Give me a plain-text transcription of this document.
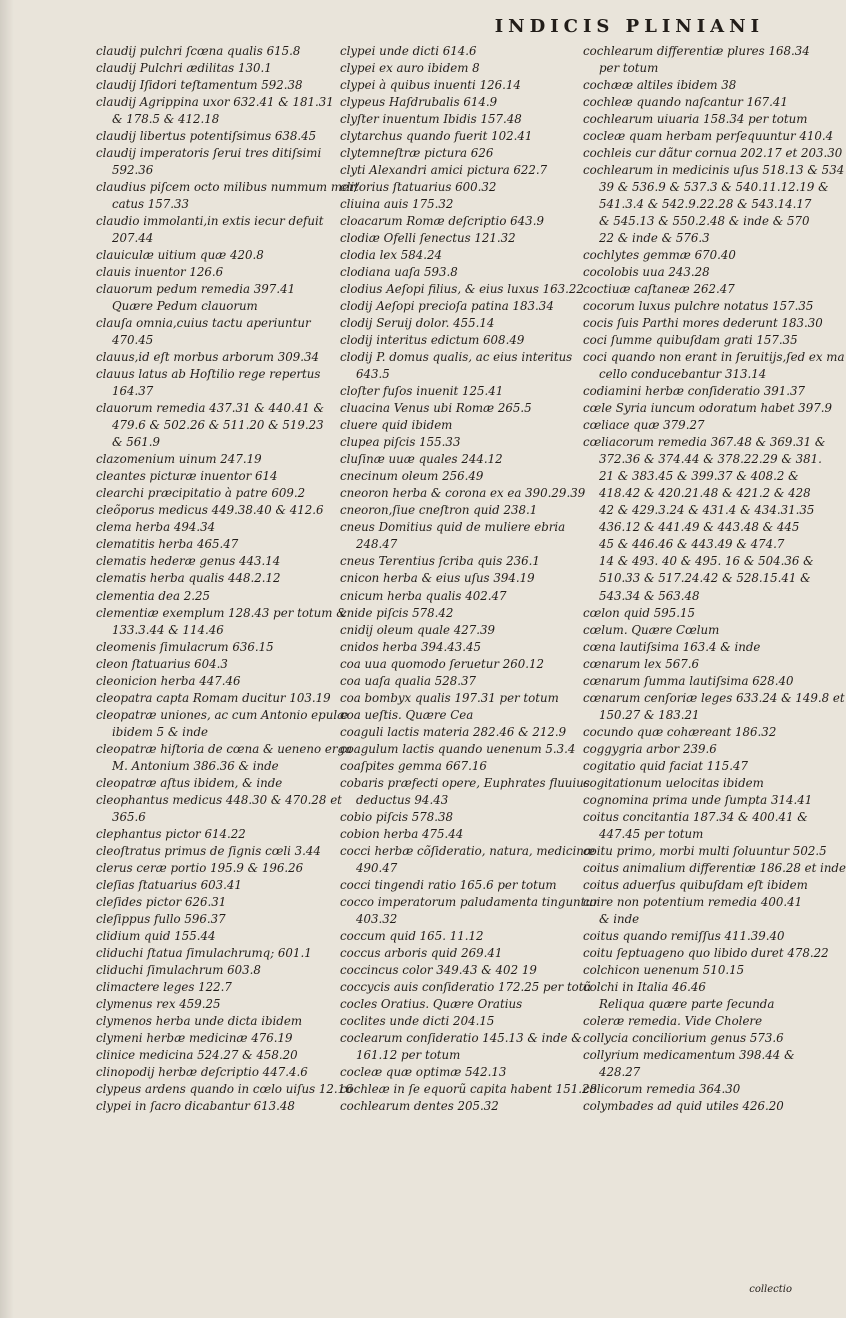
INDICIS PLINIANI
claudij pulchri ſcœna qualis 615.8
claudij Pulchri ædilitas 130.1
claudij Iſidori teſtamentum 592.38
claudij Agrippina uxor 632.41 & 181.31
& 178.5 & 412.18
claudij libertus potentiſsimus 638.45
claudij imperatoris ſerui tres ditiſsimi
592.36
claudius piſcem octo milibus nummum mer/
catus 157.33
claudio immolanti,in extis iecur defuit
207.44
clauiculæ uitium quæ 420.8
clauis inuentor 126.6
clauorum pedum remedia 397.41
Quære Pedum clauorum
clauſa omnia,cuius tactu aperiuntur
470.45
clauus,id eſt morbus arborum 309.34
clauus latus ab Hoſtilio rege repertus
164.37
clauorum remedia 437.31 & 440.41 &
479.6 & 502.26 & 511.20 & 519.23
& 561.9
clazomenium uinum 247.19
cleantes picturæ inuentor 614
clearchi præcipitatio à patre 609.2
cleõporus medicus 449.38.40 & 412.6
clema herba 494.34
clematitis herba 465.47
clematis hederæ genus 443.14
clematis herba qualis 448.2.12
clementia dea 2.25
clementiæ exemplum 128.43 per totum &
133.3.44 & 114.46
cleomenis ſimulacrum 636.15
cleon ſtatuarius 604.3
cleonicion herba 447.46
cleopatra capta Romam ducitur 103.19
cleopatræ uniones, ac cum Antonio epulæ
ibidem 5 & inde
cleopatræ hiſtoria de cœna & ueneno erga
M. Antonium 386.36 & inde
cleopatræ aſtus ibidem, & inde
cleophantus medicus 448.30 & 470.28 et
365.6
clephantus pictor 614.22
cleoſtratus primus de ſignis cœli 3.44
clerus ceræ portio 195.9 & 196.26
cleſias ſtatuarius 603.41
cleſides pictor 626.31
cleſippus fullo 596.37
clidium quid 155.44
cliduchi ſtatua ſimulachrumq; 601.1
cliduchi ſimulachrum 603.8
climactere leges 122.7
clymenus rex 459.25
clymenos herba unde dicta ibidem
clymeni herbæ medicinæ 476.19
clinice medicina 524.27 & 458.20
clinopodij herbæ deſcriptio 447.4.6
clypeus ardens quando in cœlo uiſus 12.16
clypei in ſacro dicabantur 613.48
clypei unde dicti 614.6
clypei ex auro ibidem 8
clypei à quibus inuenti 126.14
clypeus Haſdrubalis 614.9
clyſter inuentum Ibidis 157.48
clytarchus quando fuerit 102.41
clytemneſtræ pictura 626
clyti Alexandri amici pictura 622.7
clitorius ſtatuarius 600.32
cliuina auis 175.32
cloacarum Romæ deſcriptio 643.9
clodiæ Ofelli ſenectus 121.32
clodia lex 584.24
clodiana uaſa 593.8
clodius Aeſopi filius, & eius luxus 163.22
clodij Aeſopi precioſa patina 183.34
clodij Seruij dolor. 455.14
clodij interitus edictum 608.49
clodij P. domus qualis, ac eius interitus
643.5
cloſter fuſos inuenit 125.41
cluacina Venus ubi Romæ 265.5
cluere quid ibidem
clupea piſcis 155.33
cluſinæ uuæ quales 244.12
cnecinum oleum 256.49
cneoron herba & corona ex ea 390.29.39
cneoron,ſiue cneſtron quid 238.1
cneus Domitius quid de muliere ebria
248.47
cneus Terentius ſcriba quis 236.1
cnicon herba & eius uſus 394.19
cnicum herba qualis 402.47
cnide piſcis 578.42
cnidij oleum quale 427.39
cnidos herba 394.43.45
coa uua quomodo ſeruetur 260.12
coa uaſa qualia 528.37
coa bombyx qualis 197.31 per totum
coa ueſtis. Quære Cea
coaguli lactis materia 282.46 & 212.9
coagulum lactis quando uenenum 5.3.4
coaſpites gemma 667.16
cobaris præfecti opere, Euphrates fluuius
deductus 94.43
cobio piſcis 578.38
cobion herba 475.44
cocci herbæ cõſideratio, natura, medicinæ
490.47
cocci tingendi ratio 165.6 per totum
cocco imperatorum paludamenta tinguntur
403.32
coccum quid 165. 11.12
coccus arboris quid 269.41
coccincus color 349.43 & 402 19
coccycis auis conſideratio 172.25 per totũ
cocles Oratius. Quære Oratius
coclites unde dicti 204.15
coclearum conſideratio 145.13 & inde &
161.12 per totum
cocleæ quæ optimæ 542.13
cochleæ in ſe equorũ capita habent 151.28
cochlearum dentes 205.32
cochlearum differentiæ plures 168.34
per totum
cochææ altiles ibidem 38
cochleæ quando naſcantur 167.41
cochlearum uiuaria 158.34 per totum
cocleæ quam herbam perſequuntur 410.4
cochleis cur dãtur cornua 202.17 et 203.30
cochlearum in medicinis uſus 518.13 & 534
39 & 536.9 & 537.3 & 540.11.12.19 &
541.3.4 & 542.9.22.28 & 543.14.17
& 545.13 & 550.2.48 & inde & 570
22 & inde & 576.3
cochlytes gemmæ 670.40
cocolobis uua 243.28
coctiuæ caſtaneæ 262.47
cocorum luxus pulchre notatus 157.35
cocis ſuis Parthi mores dederunt 183.30
coci ſumme quibuſdam grati 157.35
coci quando non erant in ſeruitijs,ſed ex ma
cello conducebantur 313.14
codiamini herbæ conſideratio 391.37
cœle Syria iuncum odoratum habet 397.9
cœliace quæ 379.27
cœliacorum remedia 367.48 & 369.31 &
372.36 & 374.44 & 378.22.29 & 381.
21 & 383.45 & 399.37 & 408.2 &
418.42 & 420.21.48 & 421.2 & 428
42 & 429.3.24 & 431.4 & 434.31.35
436.12 & 441.49 & 443.48 & 445
45 & 446.46 & 443.49 & 474.7
14 & 493. 40 & 495. 16 & 504.36 &
510.33 & 517.24.42 & 528.15.41 &
543.34 & 563.48
cœlon quid 595.15
cœlum. Quære Cœlum
cœna lautiſsima 163.4 & inde
cœnarum lex 567.6
cœnarum ſumma lautiſsima 628.40
cœnarum cenſoriæ leges 633.24 & 149.8 et
150.27 & 183.21
cocundo quæ cohæreant 186.32
coggygria arbor 239.6
cogitatio quid faciat 115.47
cogitationum uelocitas ibidem
cognomina prima unde ſumpta 314.41
coitus concitantia 187.34 & 400.41 &
447.45 per totum
coitu primo, morbi multi ſoluuntur 502.5
coitus animalium differentiæ 186.28 et inde
coitus aduerſus quibuſdam eſt ibidem
coire non potentium remedia 400.41
& inde
coitus quando remiſſus 411.39.40
coitu ſeptuageno quo libido duret 478.22
colchicon uenenum 510.15
colchi in Italia 46.46
Reliqua quære parte ſecunda
coleræ remedia. Vide Cholere
collycia conciliorium genus 573.6
collyrium medicamentum 398.44 &
428.27
colicorum remedia 364.30
colymbades ad quid utiles 426.20
collectio
